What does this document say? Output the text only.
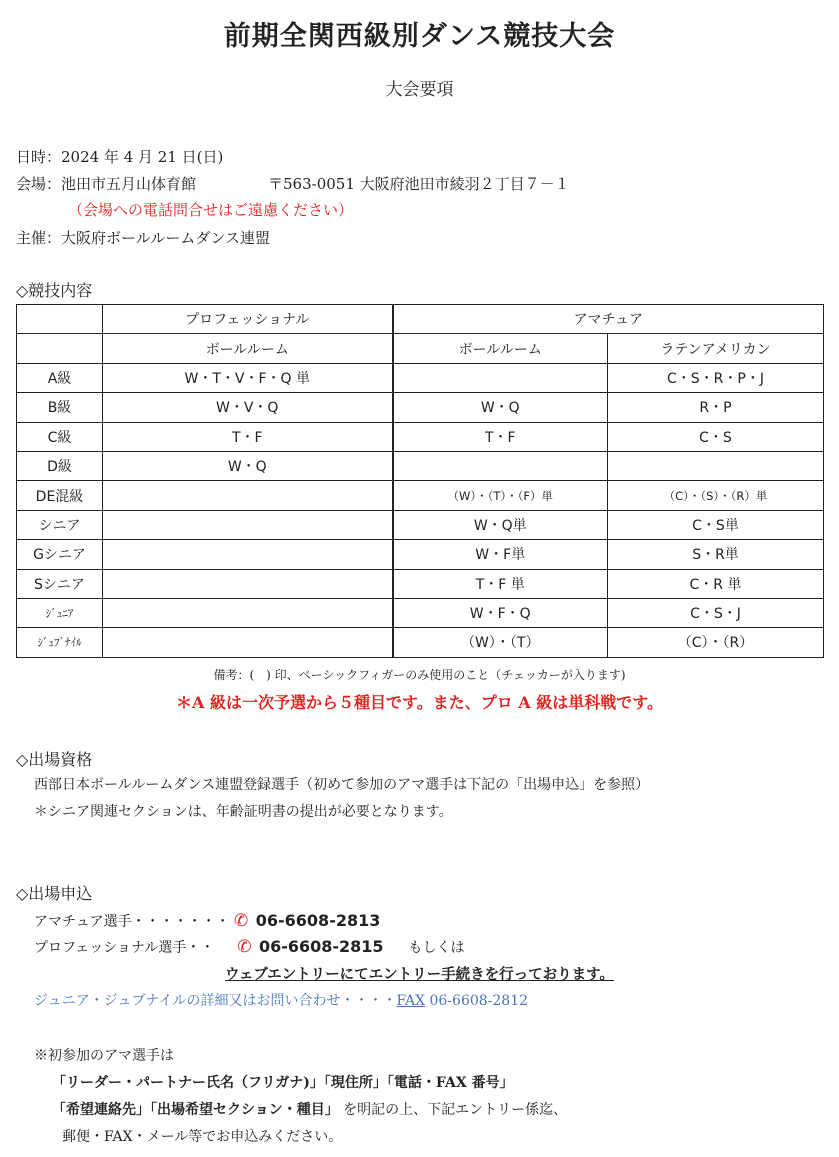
前期全関西級別ダンス競技大会
大会要項
日時：2024 年 4 月 21 日(日)
会場：池田市五月山体育館	〒563-0051 大阪府池田市綾羽２丁目７－１
（会場への電話問合せはご遠慮ください）
主催：大阪府ボールルームダンス連盟
◇競技内容
	プロフェッショナル	アマチュア	
	ボールルーム	ボールルーム	ラテンアメリカン
A級	W・T・V・F・Q 単		C・S・R・P・J
B級	W・V・Q	W・Q	R・P
C級	T・F	T・F	C・S
D級	W・Q		
DE混級		（W）・（T）・（F）単	（C）・（S）・（R）単
シニア		W・Q単	C・S単
Gシニア		W・F単	S・R単
Sシニア		T・F 単	C・R 単
ｼﾞｭﾆｱ		W・F・Q	C・S・J
ｼﾞｭﾌﾞﾅｲﾙ		（W）・（T）	（C）・（R）
備考：(　) 印、ベーシックフィガーのみ使用のこと（チェッカーが入ります)
＊A 級は一次予選から５種目です。また、プロ A 級は単科戦です。
◇出場資格
西部日本ボールルームダンス連盟登録選手（初めて参加のアマ選手は下記の「出場申込」を参照）
＊シニア関連セクションは、年齢証明書の提出が必要となります。
◇出場申込
アマチュア選手・・・・・・・ ✆ 06-6608-2813
プロフェッショナル選手・・ ✆ 06-6608-2815 もしくは
ウェブエントリーにてエントリー手続きを行っております。
ジュニア・ジュブナイルの詳細又はお問い合わせ・・・・FAX 06-6608-2812
※初参加のアマ選手は
「リーダー・パートナー氏名（フリガナ)」「現住所」「電話・FAX 番号」
「希望連絡先」「出場希望セクション・種目」 を明記の上、下記エントリー係迄、
郵便・FAX・メール等でお申込みください。
